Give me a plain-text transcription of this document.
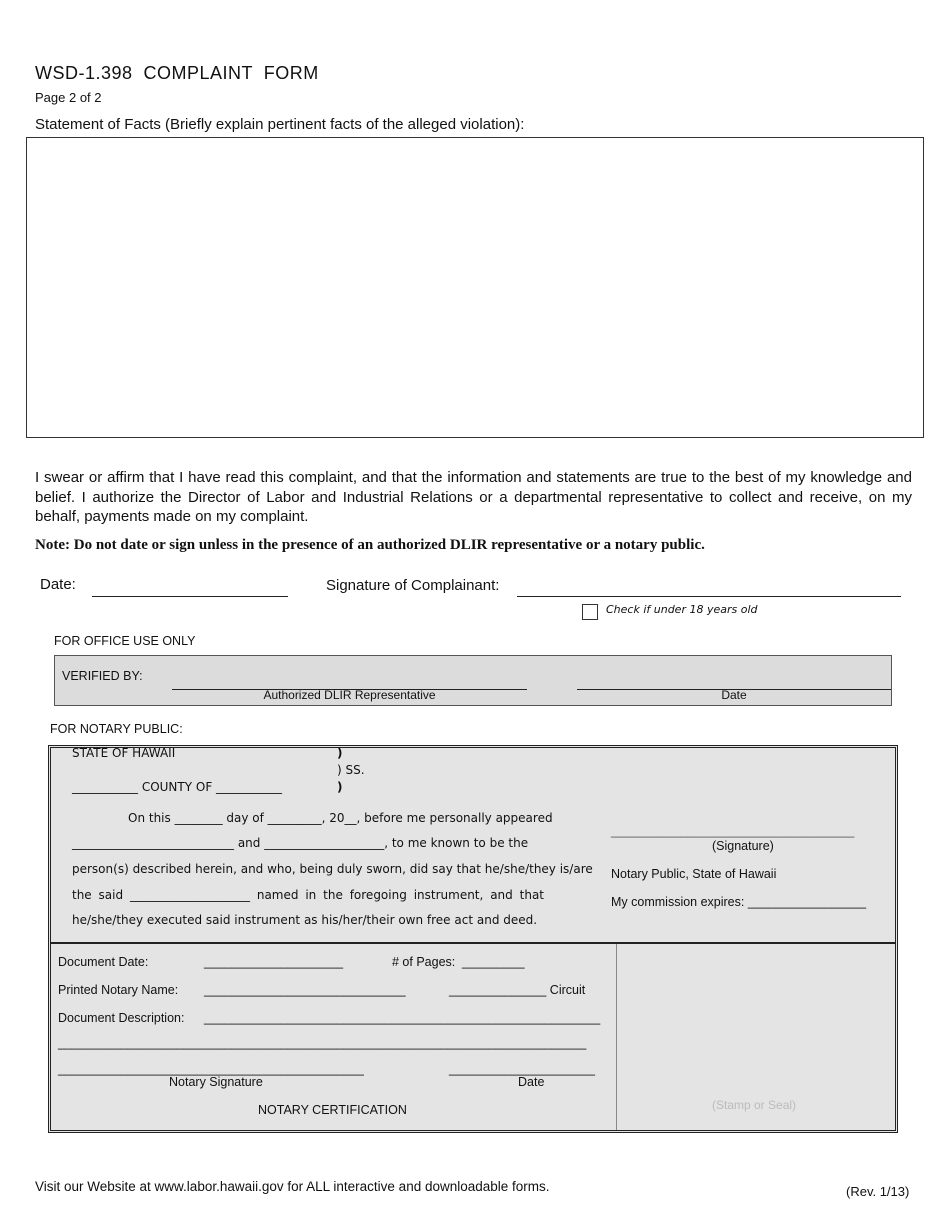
WSD-1.398  COMPLAINT  FORM
Page 2 of 2
Statement of Facts (Briefly explain pertinent facts of the alleged violation):
I swear or affirm that I have read this complaint, and that the information and statements are true to the best of my knowledge and belief. I authorize the Director of Labor and Industrial Relations or a departmental representative to collect and receive, on my behalf, payments made on my complaint.
Note: Do not date or sign unless in the presence of an authorized DLIR representative or a notary public.
Date:	Signature of Complainant:
Check if under 18 years old
FOR OFFICE USE ONLY
VERIFIED BY:
Authorized DLIR Representative	Date
FOR NOTARY PUBLIC:
STATE OF HAWAII	)
) SS.
)
___________ COUNTY OF ___________
On this ________ day of _________, 20__, before me personally appeared
___________________________ and ____________________, to me known to be the
person(s) described herein, and who, being duly sworn, did say that he/she/they is/are
the said ____________________ named in the foregoing instrument, and that
he/she/they executed said instrument as his/her/their own free act and deed.
___________________________________
(Signature)
Notary Public, State of Hawaii
My commission expires: _________________
Document Date:	____________________	# of Pages: _________
Printed Notary Name: _____________________________	______________ Circuit
Document Description: _________________________________________________________
____________________________________________________________________________
____________________________________________
Notary Signature
_____________________
Date
NOTARY CERTIFICATION	(Stamp or Seal)
Visit our Website at www.labor.hawaii.gov for ALL interactive and downloadable forms.	(Rev. 1/13)
